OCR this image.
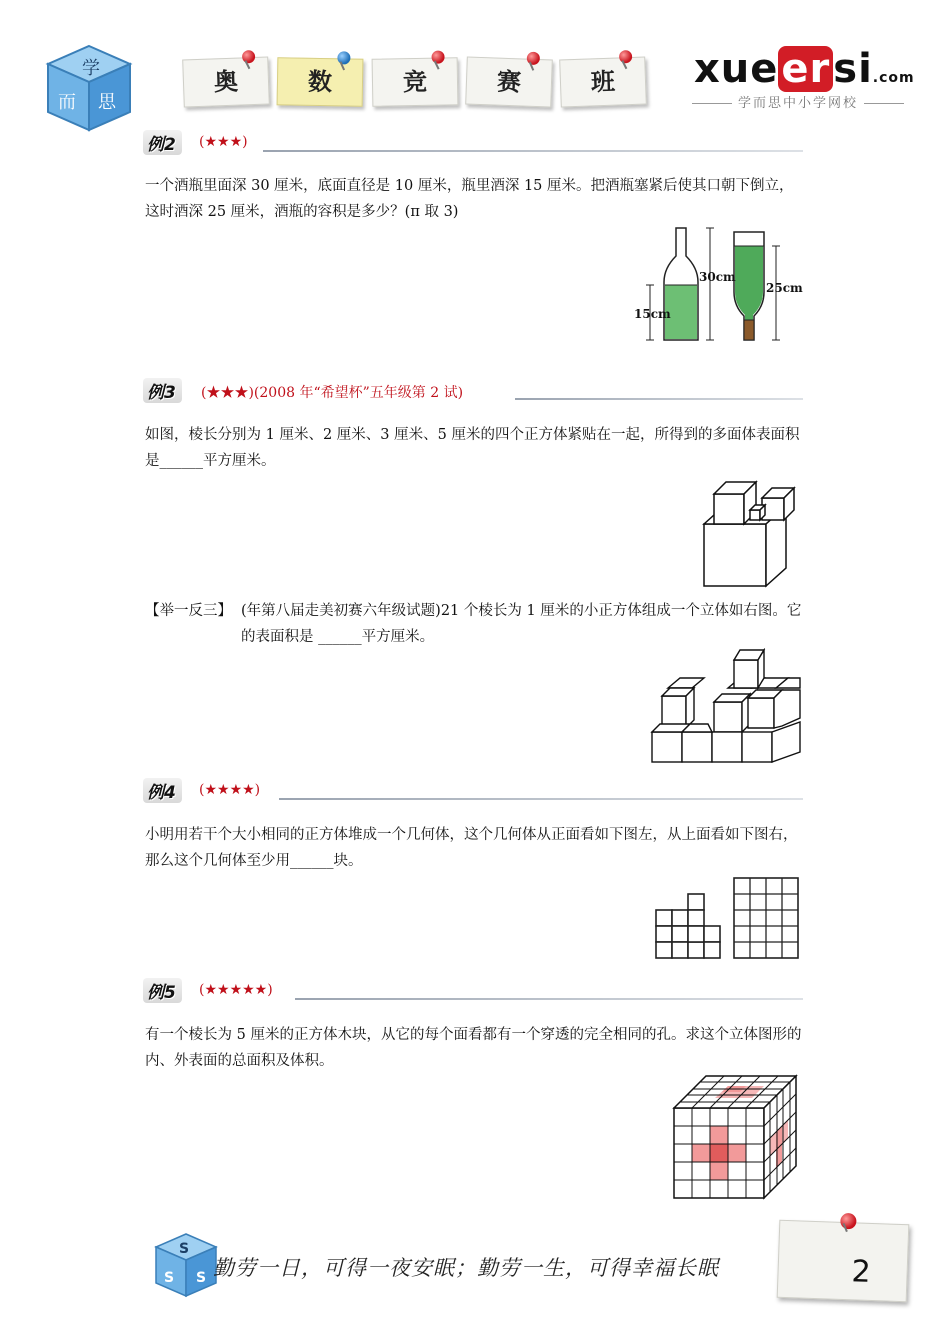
学
而 思
奥	数	竞	赛	班	xueersi.com
学而思中小学网校
例2	(★★★)
一个酒瓶里面深 30 厘米，底面直径是 10 厘米，瓶里酒深 15 厘米。把酒瓶塞紧后使其口朝下倒立，这时酒深 25 厘米，酒瓶的容积是多少？(π 取 3)
30cm
25cm
15cm
例3	(★★★)(2008 年“希望杯”五年级第 2 试)
如图，棱长分别为 1 厘米、2 厘米、3 厘米、5 厘米的四个正方体紧贴在一起，所得到的多面体表面积是______平方厘米。
【举一反三】 (年第八届走美初赛六年级试题)21 个棱长为 1 厘米的小正方体组成一个立体如右图。它的表面积是 ______平方厘米。
例4	(★★★★)
小明用若干个大小相同的正方体堆成一个几何体，这个几何体从正面看如下图左，从上面看如下图右，那么这个几何体至少用______块。
例5	(★★★★★)
有一个棱长为 5 厘米的正方体木块，从它的每个面看都有一个穿透的完全相同的孔。求这个立体图形的内、外表面的总面积及体积。
S
S S 勤劳一日，可得一夜安眠；勤劳一生，可得幸福长眠	2
